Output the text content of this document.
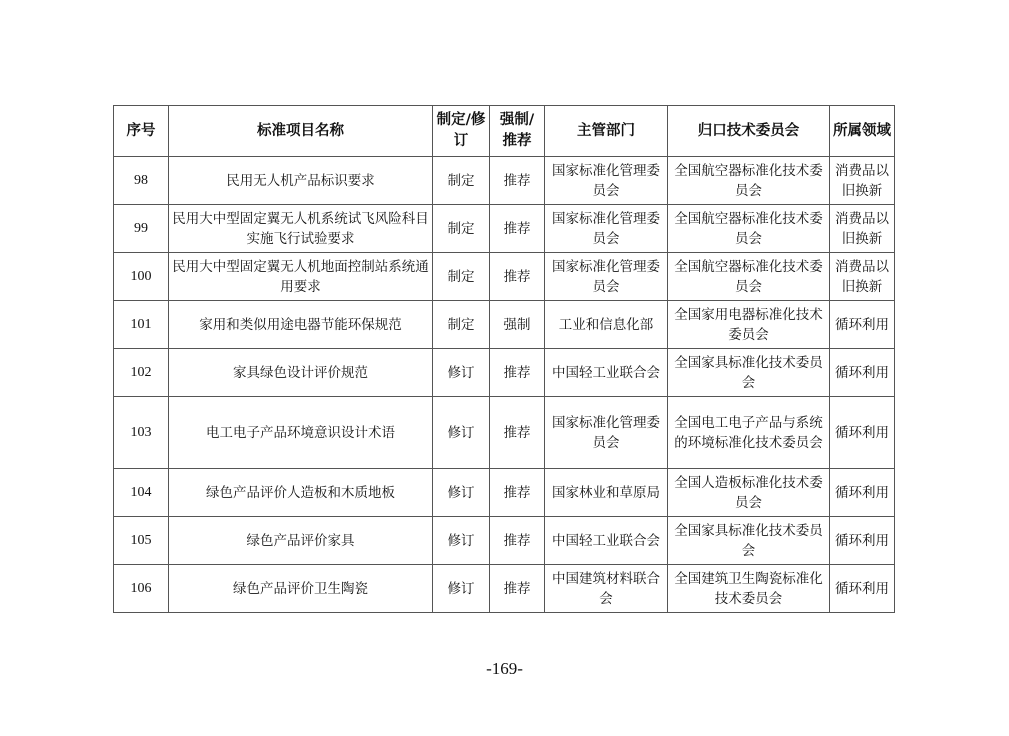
序号	标准项目名称	制定/修订	强制/推荐	主管部门	归口技术委员会	所属领域
98	民用无人机产品标识要求	制定	推荐	国家标准化管理委员会	全国航空器标准化技术委员会	消费品以旧换新
99	民用大中型固定翼无人机系统试飞风险科目实施飞行试验要求	制定	推荐	国家标准化管理委员会	全国航空器标准化技术委员会	消费品以旧换新
100	民用大中型固定翼无人机地面控制站系统通用要求	制定	推荐	国家标准化管理委员会	全国航空器标准化技术委员会	消费品以旧换新
101	家用和类似用途电器节能环保规范	制定	强制	工业和信息化部	全国家用电器标准化技术委员会	循环利用
102	家具绿色设计评价规范	修订	推荐	中国轻工业联合会	全国家具标准化技术委员会	循环利用
103	电工电子产品环境意识设计术语	修订	推荐	国家标准化管理委员会	全国电工电子产品与系统的环境标准化技术委员会	循环利用
104	绿色产品评价人造板和木质地板	修订	推荐	国家林业和草原局	全国人造板标准化技术委员会	循环利用
105	绿色产品评价家具	修订	推荐	中国轻工业联合会	全国家具标准化技术委员会	循环利用
106	绿色产品评价卫生陶瓷	修订	推荐	中国建筑材料联合会	全国建筑卫生陶瓷标准化技术委员会	循环利用
-169-
